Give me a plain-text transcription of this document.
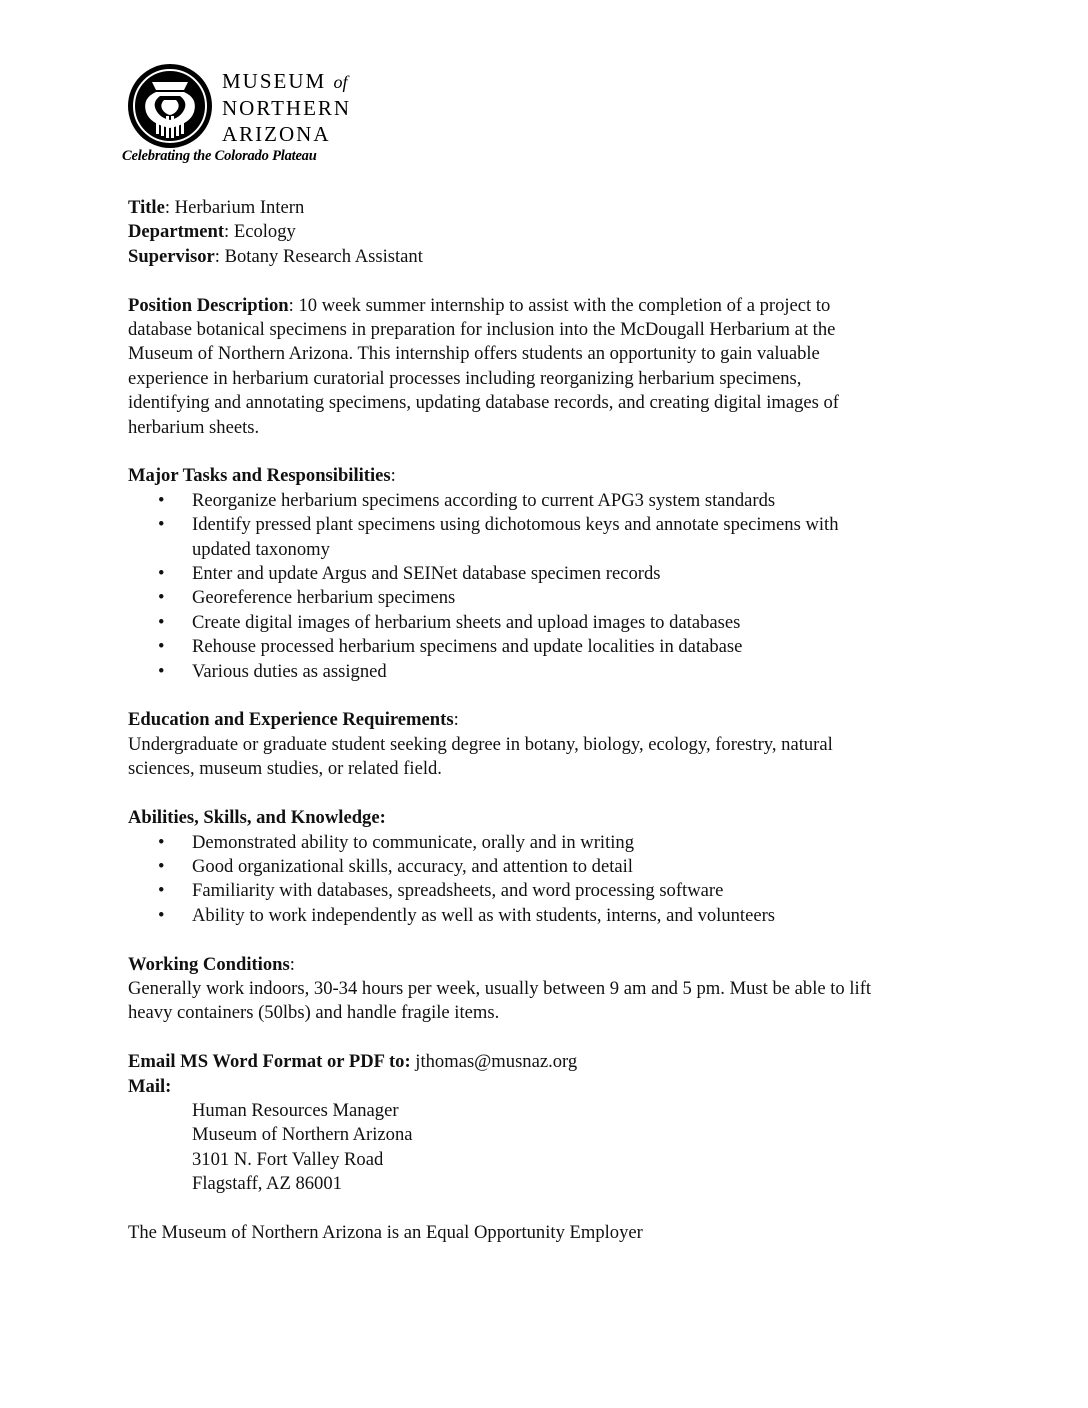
MUSEUM of
NORTHERN
ARIZONA
Celebrating the Colorado Plateau
Title: Herbarium Intern
Department: Ecology
Supervisor: Botany Research Assistant
Position Description: 10 week summer internship to assist with the completion of a project to
database botanical specimens in preparation for inclusion into the McDougall Herbarium at the
Museum of Northern Arizona. This internship offers students an opportunity to gain valuable
experience in herbarium curatorial processes including reorganizing herbarium specimens,
identifying and annotating specimens, updating database records, and creating digital images of
herbarium sheets.
Major Tasks and Responsibilities:
• Reorganize herbarium specimens according to current APG3 system standards
• Identify pressed plant specimens using dichotomous keys and annotate specimens with
updated taxonomy
• Enter and update Argus and SEINet database specimen records
• Georeference herbarium specimens
• Create digital images of herbarium sheets and upload images to databases
• Rehouse processed herbarium specimens and update localities in database
• Various duties as assigned
Education and Experience Requirements:
Undergraduate or graduate student seeking degree in botany, biology, ecology, forestry, natural
sciences, museum studies, or related field.
Abilities, Skills, and Knowledge:
• Demonstrated ability to communicate, orally and in writing
• Good organizational skills, accuracy, and attention to detail
• Familiarity with databases, spreadsheets, and word processing software
• Ability to work independently as well as with students, interns, and volunteers
Working Conditions:
Generally work indoors, 30-34 hours per week, usually between 9 am and 5 pm. Must be able to lift
heavy containers (50lbs) and handle fragile items.
Email MS Word Format or PDF to: jthomas@musnaz.org
Mail:
Human Resources Manager
Museum of Northern Arizona
3101 N. Fort Valley Road
Flagstaff, AZ 86001
The Museum of Northern Arizona is an Equal Opportunity Employer
